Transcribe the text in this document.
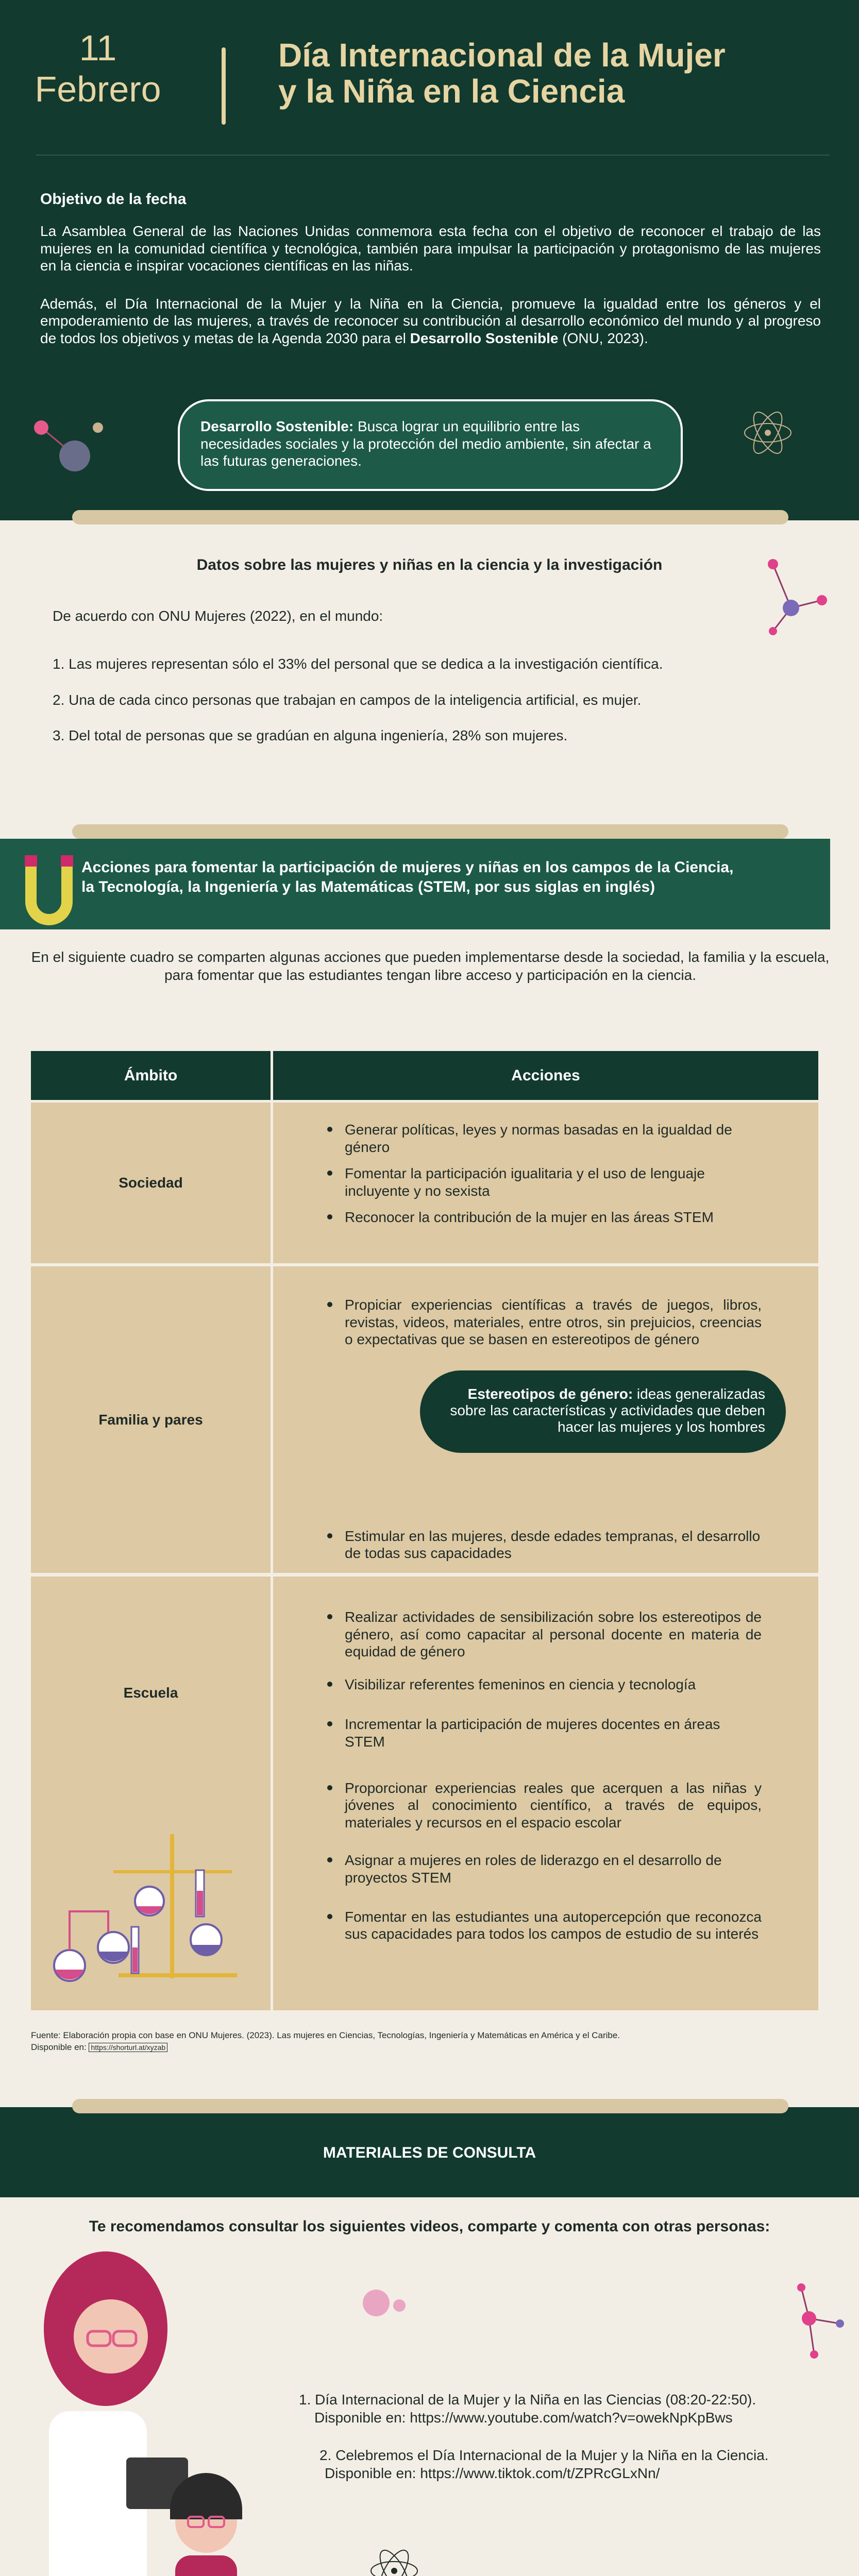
11
Febrero
Día Internacional de la Mujer
y la Niña en la Ciencia
Objetivo de la fecha

La Asamblea General de las Naciones Unidas conmemora esta fecha con el objetivo de reconocer el trabajo de las mujeres en la comunidad científica y tecnológica, también para impulsar la participación y protagonismo de las mujeres en la ciencia e inspirar vocaciones científicas en las niñas.

Además, el Día Internacional de la Mujer y la Niña en la Ciencia, promueve la igualdad entre los géneros y el empoderamiento de las mujeres, a través de reconocer su contribución al desarrollo económico del mundo y al progreso de todos los objetivos y metas de la Agenda 2030 para el Desarrollo Sostenible (ONU, 2023).

Desarrollo Sostenible: Busca lograr un equilibrio entre las necesidades sociales y la protección del medio ambiente, sin afectar a las futuras generaciones.
Datos sobre las mujeres y niñas en la ciencia y la investigación
De acuerdo con ONU Mujeres (2022), en el mundo:
1. Las mujeres representan sólo el 33% del personal que se dedica a la investigación científica.
2. Una de cada cinco personas que trabajan en campos de la inteligencia artificial, es mujer.
3. Del total de personas que se gradúan en alguna ingeniería, 28% son mujeres.
Acciones para fomentar la participación de mujeres y niñas en los campos de la Ciencia,
la Tecnología, la Ingeniería y las Matemáticas (STEM, por sus siglas en inglés)
En el siguiente cuadro se comparten algunas acciones que pueden implementarse desde la sociedad, la familia y la escuela, para fomentar que las estudiantes tengan libre acceso y participación en la ciencia.
Ámbito	Acciones
Sociedad
Generar políticas, leyes y normas basadas en la igualdad de género
Fomentar la participación igualitaria y el uso de lenguaje incluyente y no sexista
Reconocer la contribución de la mujer en las áreas STEM
Familia y pares
Propiciar experiencias científicas a través de juegos, libros, revistas, videos, materiales, entre otros, sin prejuicios, creencias o expectativas que se basen en estereotipos de género
Estimular en las mujeres, desde edades tempranas, el desarrollo de todas sus capacidades
Estereotipos de género: ideas generalizadas sobre las características y actividades que deben hacer las mujeres y los hombres
Escuela
Realizar actividades de sensibilización sobre los estereotipos de género, así como capacitar al personal docente en materia de equidad de género
Visibilizar referentes femeninos en ciencia y tecnología
Incrementar la participación de mujeres docentes en áreas STEM
Proporcionar experiencias reales que acerquen a las niñas y jóvenes al conocimiento científico, a través de equipos, materiales y recursos en el espacio escolar
Asignar a mujeres en roles de liderazgo en el desarrollo de proyectos STEM
Fomentar en las estudiantes una autopercepción que reconozca sus capacidades para todos los campos de estudio de su interés
Fuente: Elaboración propia con base en ONU Mujeres. (2023). Las mujeres en Ciencias, Tecnologías, Ingeniería y Matemáticas en América y el Caribe.
Disponible en: https://shorturl.at/xyzab
MATERIALES DE CONSULTA
Te recomendamos consultar los siguientes videos, comparte y comenta con otras personas:
1. Día Internacional de la Mujer y la Niña en las Ciencias (08:20-22:50).
Disponible en: https://www.youtube.com/watch?v=owekNpKpBws
2. Celebremos el Día Internacional de la Mujer y la Niña en la Ciencia.
Disponible en: https://www.tiktok.com/t/ZPRcGLxNn/
